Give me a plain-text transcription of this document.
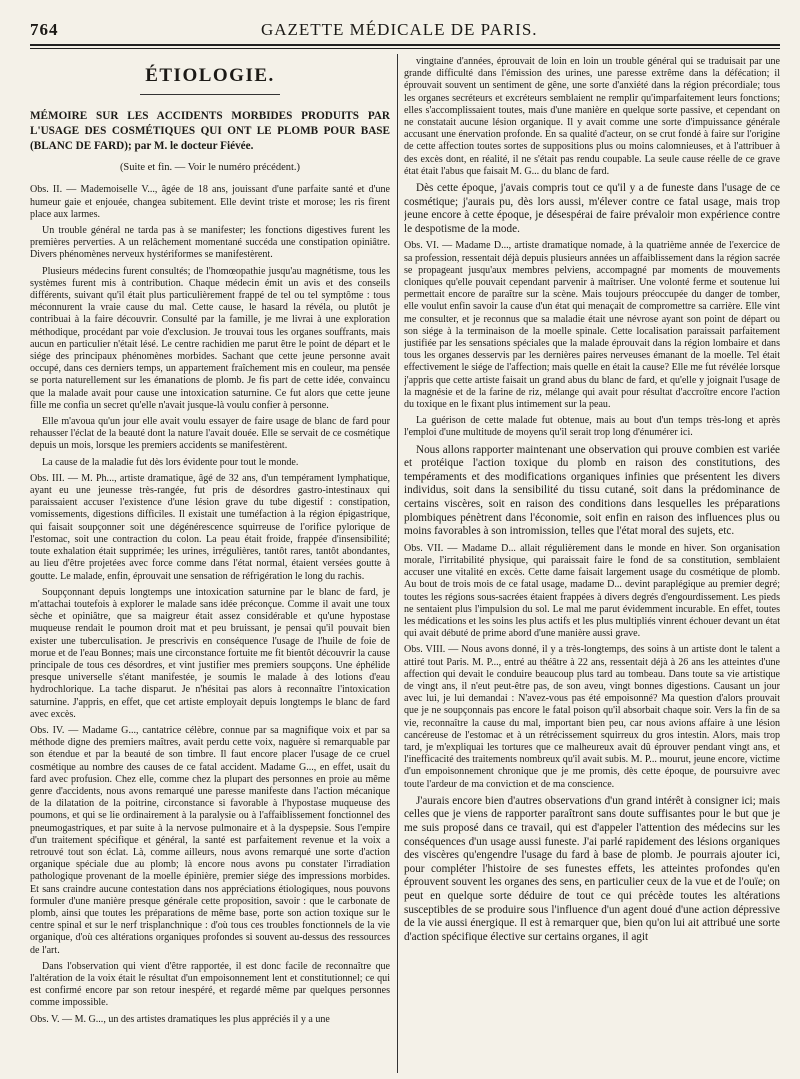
764	GAZETTE MÉDICALE DE PARIS.
ÉTIOLOGIE.
MÉMOIRE SUR LES ACCIDENTS MORBIDES PRODUITS PAR L'USAGE DES COSMÉTIQUES QUI ONT LE PLOMB POUR BASE (BLANC DE FARD); par M. le docteur Fiévée.
(Suite et fin. — Voir le numéro précédent.)

Obs. II. — Mademoiselle V..., âgée de 18 ans, jouissant d'une parfaite santé et d'une humeur gaie et enjouée, changea subitement. Elle devint triste et morose; les ris firent place aux larmes.

Un trouble général ne tarda pas à se manifester; les fonctions digestives furent les premières perverties. A un relâchement momentané succéda une constipation opiniâtre. Divers phénomènes nerveux hystériformes se manifestèrent.

Plusieurs médecins furent consultés; de l'homœopathie jusqu'au magnétisme, tous les systèmes furent mis à contribution. Chaque médecin émit un avis et des conseils différents, suivant qu'il était plus particulièrement frappé de tel ou tel symptôme : tous méconnurent la vraie cause du mal. Cette cause, le hasard la révéla, ou plutôt je contribuai à la faire découvrir. Consulté par la famille, je me livrai à une exploration méthodique, procédant par voie d'exclusion. Je trouvai tous les organes souffrants, mais aucun en particulier n'était lésé. Le centre rachidien me parut être le point de départ et le siége des principaux phénomènes morbides. Sachant que cette jeune personne avait occupé, dans ces derniers temps, un appartement fraîchement mis en couleur, ma pensée se porta naturellement sur les émanations de plomb. Je fis part de cette idée, convaincu que la malade avait pour cause une intoxication saturnine. Ce fut alors que cette jeune fille me confia un secret qu'elle n'avait jusque-là voulu confier à personne.

Elle m'avoua qu'un jour elle avait voulu essayer de faire usage de blanc de fard pour rehausser l'éclat de la beauté dont la nature l'avait douée. Elle se servait de ce cosmétique depuis un mois, lorsque les premiers accidents se manifestèrent.

La cause de la maladie fut dès lors évidente pour tout le monde.

Obs. III. — M. Ph..., artiste dramatique, âgé de 32 ans, d'un tempérament lymphatique, ayant eu une jeunesse très-rangée, fut pris de désordres gastro-intestinaux qui paraissaient accuser l'existence d'une lésion grave du tube digestif : constipation, vomissements, digestions difficiles. Il existait une tuméfaction à la région épigastrique, qui faisait soupçonner soit une dégénérescence squirreuse de l'orifice pylorique de l'estomac, soit une contraction du colon. La peau était froide, frappée d'insensibilité; toute exhalation était supprimée; les urines, irrégulières, tantôt rares, tantôt abondantes, au lieu d'être projetées avec force comme dans l'état normal, étaient versées goutte à goutte. Le malade, enfin, éprouvait une sensation de réfrigération le long du rachis.

Soupçonnant depuis longtemps une intoxication saturnine par le blanc de fard, je m'attachai toutefois à explorer le malade sans idée préconçue. Comme il avait une toux sèche et opiniâtre, que sa maigreur était assez considérable et qu'une hypostase muqueuse rendait le poumon droit mat et peu bruissant, je pensai qu'il pouvait bien exister une tuberculisation. Je prescrivis en conséquence l'usage de l'huile de foie de morue et de l'eau Bonnes; mais une circonstance fortuite me fit bientôt découvrir la cause principale de tous ces désordres, et vint justifier mes premiers soupçons. Une éphélide presque universelle s'étant manifestée, je soumis le malade à des lotions d'eau hydrochlorique. La tache disparut. Je n'hésitai pas alors à reconnaître l'intoxication saturnine. J'appris, en effet, que cet artiste employait depuis longtemps le blanc de fard avec excès.

Obs. IV. — Madame G..., cantatrice célèbre, connue par sa magnifique voix et par sa méthode digne des premiers maîtres, avait perdu cette voix, naguère si remarquable par son étendue et par la beauté de son timbre. Il faut encore placer l'usage de ce cruel cosmétique au nombre des causes de ce fatal accident. Madame G..., en effet, usait du fard avec profusion. Chez elle, comme chez la plupart des personnes en proie au même genre d'accidents, nous avons remarqué une paresse manifeste dans l'action mécanique de la dilatation de la poitrine, circonstance si favorable à l'hypostase muqueuse des poumons, et qui se lie ordinairement à la paralysie ou à l'affaiblissement fonctionnel des pneumogastriques, et par suite à la nervose pulmonaire et à la dyspepsie. Sous l'empire d'un traitement spécifique et général, la santé est parfaitement revenue et la voix a retrouvé tout son éclat. Là, comme ailleurs, nous avons remarqué une sorte d'action organique spéciale due au plomb; là encore nous avons pu constater l'irradiation pathologique provenant de la moelle épinière, premier siége des impressions morbides. Et sans craindre aucune contestation dans nos appréciations étiologiques, nous pouvons formuler d'une manière presque générale cette proposition, savoir : que le carbonate de plomb, ainsi que toutes les préparations de même base, porte son action toxique sur le centre spinal et sur le nerf trisplanchnique : d'où tous ces troubles fonctionnels de la vie organique, d'où ces altérations organiques profondes si souvent au-dessus des ressources de l'art.

Dans l'observation qui vient d'être rapportée, il est donc facile de reconnaître que l'altération de la voix était le résultat d'un empoisonnement lent et constitutionnel; ce qui est confirmé encore par son retour inespéré, et regardé même par quelques personnes comme impossible.

Obs. V. — M. G..., un des artistes dramatiques les plus appréciés il y a une

vingtaine d'années, éprouvait de loin en loin un trouble général qui se traduisait par une grande difficulté dans l'émission des urines, une paresse extrême dans la défécation; il éprouvait souvent un sentiment de gêne, une sorte d'anxiété dans la région précordiale; tous les organes secréteurs et excréteurs semblaient ne remplir qu'imparfaitement leurs fonctions; elles s'accomplissaient toutes, mais d'une manière en quelque sorte passive, et cependant on ne constatait aucune lésion organique. Il y avait comme une sorte d'impuissance générale accusant une énervation profonde. En sa qualité d'acteur, on se crut fondé à faire sur l'origine de cette affection toutes sortes de suppositions plus ou moins calomnieuses, et à l'attribuer à des excès dont, en réalité, il ne s'était pas rendu coupable. La seule cause réelle de ce grave état était l'abus que faisait M. G... du blanc de fard.

Dès cette époque, j'avais compris tout ce qu'il y a de funeste dans l'usage de ce cosmétique; j'aurais pu, dès lors aussi, m'élever contre ce fatal usage, mais trop jeune encore à cette époque, je désespérai de faire prévaloir mon expérience contre le despotisme de la mode.

Obs. VI. — Madame D..., artiste dramatique nomade, à la quatrième année de l'exercice de sa profession, ressentait déjà depuis plusieurs années un affaiblissement dans la région sacrée se propageant jusqu'aux membres pelviens, accompagné par moments de mouvements cloniques qu'elle pouvait cependant parvenir à maîtriser. Une volonté ferme et soutenue lui permettait encore de paraître sur la scène. Mais toujours préoccupée du danger de tomber, elle voulut enfin savoir la cause d'un état qui menaçait de compromettre sa carrière. Elle vint me consulter, et je reconnus que sa maladie était une névrose ayant son point de départ ou son siége à la terminaison de la moelle spinale. Cette localisation paraissait parfaitement justifiée par les sensations spéciales que la malade éprouvait dans la région lombaire et dans tous les organes desservis par les dernières paires nerveuses émanant de la moelle. Tel était effectivement le siége de l'affection; mais quelle en était la cause? Elle me fut révélée lorsque j'appris que cette artiste faisait un grand abus du blanc de fard, et qu'elle y joignait l'usage de la magnésie et de la farine de riz, mélange qui avait pour résultat d'accroître encore l'action du toxique en le fixant plus intimement sur la peau.

La guérison de cette malade fut obtenue, mais au bout d'un temps très-long et après l'emploi d'une multitude de moyens qu'il serait trop long d'énumérer ici.

Nous allons rapporter maintenant une observation qui prouve combien est variée et protéique l'action toxique du plomb en raison des constitutions, des tempéraments et des modifications organiques infinies que présentent les divers individus, soit dans la sensibilité du tissu cutané, soit dans la prédominance de certains viscères, soit en raison des conditions dans lesquelles les préparations plombiques pénètrent dans l'économie, soit enfin en raison des influences plus ou moins favorables à son intromission, telles que l'état moral des sujets, etc.

Obs. VII. — Madame D... allait régulièrement dans le monde en hiver. Son organisation morale, l'irritabilité physique, qui paraissait faire le fond de sa constitution, semblaient accuser une vitalité en excès. Cette dame faisait largement usage du cosmétique de plomb. Au bout de trois mois de ce fatal usage, madame D... devint paraplégique au premier degré; toutes les régions sous-sacrées étaient frappées à divers degrés d'engourdissement. Les pieds ne sentaient plus l'impulsion du sol. Le mal me parut évidemment incurable. En effet, toutes les médications et les soins les plus actifs et les plus multipliés vinrent échouer devant un état qui avait débuté de prime abord d'une manière aussi grave.

Obs. VIII. — Nous avons donné, il y a très-longtemps, des soins à un artiste dont le talent a attiré tout Paris. M. P..., entré au théâtre à 22 ans, ressentait déjà à 26 ans les atteintes d'une affection qui devait le conduire beaucoup plus tard au tombeau. Dans toute sa vie artistique de vingt ans, il n'eut peut-être pas, de son aveu, vingt bonnes digestions. Causant un jour avec lui, je lui demandai : N'avez-vous pas été empoisonné? Ma question d'alors prouvait que je ne soupçonnais pas encore le fatal poison qu'il absorbait chaque soir. Vers la fin de sa vie, reconnaître la cause du mal, important bien peu, car nous avions affaire à une lésion cancéreuse de l'estomac et à un rétrécissement squirreux du gros intestin. Alors, mais trop tard, je m'expliquai les tortures que ce malheureux avait dû éprouver pendant vingt ans, et l'inefficacité des traitements nombreux qu'il avait subis. M. P... mourut, jeune encore, victime d'un empoisonnement chronique que je me promis, dès cette époque, de poursuivre avec toute l'ardeur de ma conviction et de ma conscience.

J'aurais encore bien d'autres observations d'un grand intérêt à consigner ici; mais celles que je viens de rapporter paraîtront sans doute suffisantes pour le but que je me suis proposé dans ce travail, qui est d'appeler l'attention des médecins sur les conséquences d'un usage aussi funeste. J'ai parlé rapidement des lésions organiques des viscères qu'engendre l'usage du fard à base de plomb. Je pourrais ajouter ici, pour compléter l'histoire de ses funestes effets, les atteintes profondes qu'en éprouvent souvent les organes des sens, en particulier ceux de la vue et de l'ouïe; on peut en quelque sorte déduire de tout ce qui précède toutes les altérations susceptibles de se produire sous l'influence d'un agent doué d'une action dépressive de la vie aussi énergique. Il est à remarquer que, bien qu'on lui ait attribué une sorte d'action spécifique élective sur certains organes, il agit
